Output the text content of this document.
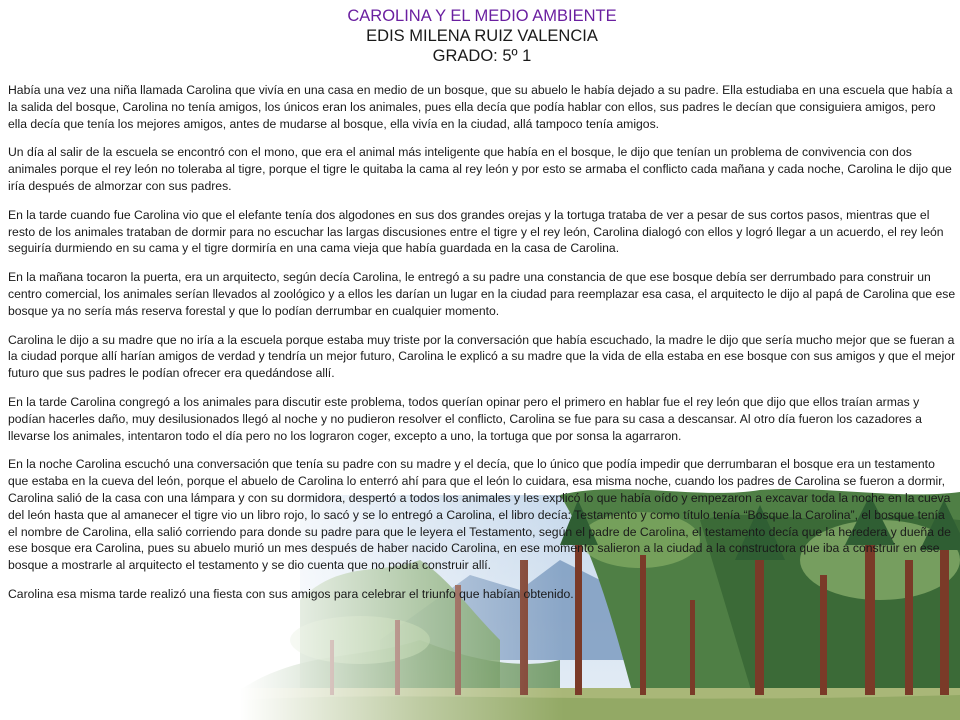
CAROLINA Y EL MEDIO AMBIENTE

EDIS MILENA RUIZ VALENCIA

GRADO: 5º 1

Había una vez una niña llamada Carolina que vivía en una casa en medio de un bosque, que su abuelo le había dejado a su padre. Ella estudiaba en una escuela que había a la salida del bosque, Carolina no tenía amigos, los únicos eran los animales, pues ella decía que podía hablar con ellos, sus padres le decían que consiguiera amigos, pero ella decía que tenía los mejores amigos, antes de mudarse al bosque, ella vivía en la ciudad, allá tampoco tenía amigos.

Un día al salir de la escuela se encontró con el mono, que era el animal más inteligente que había en el bosque, le dijo que tenían un problema de convivencia con dos animales porque el rey león no toleraba al tigre, porque el tigre le quitaba la cama al rey león y por esto se armaba el conflicto cada mañana y cada noche, Carolina le dijo que iría después de almorzar con sus padres.

En la tarde cuando fue Carolina vio que el elefante tenía dos algodones en sus dos grandes orejas y la tortuga trataba de ver a pesar de sus cortos pasos, mientras que el resto de los animales trataban de dormir para no escuchar las largas discusiones entre el tigre y el rey león, Carolina dialogó con ellos y logró llegar a un acuerdo, el rey león seguiría durmiendo en su cama y el tigre dormiría en una cama vieja que había guardada en la casa de Carolina.

En la mañana tocaron la puerta, era un arquitecto, según decía Carolina, le entregó a su padre una constancia de que ese bosque debía ser derrumbado para construir un centro comercial, los animales serían llevados al zoológico y a ellos les darían un lugar en la ciudad para reemplazar esa casa, el arquitecto le dijo al papá de Carolina que ese bosque ya no sería más reserva forestal y que lo podían derrumbar en cualquier momento.

Carolina le dijo a su madre que no iría a la escuela porque estaba muy triste por la conversación que había escuchado, la madre le dijo que sería mucho mejor que se fueran a la ciudad porque allí harían amigos de verdad y tendría un mejor futuro, Carolina le explicó a su madre que la vida de ella estaba en ese bosque con sus amigos y que el mejor futuro que sus padres le podían ofrecer era quedándose allí.

En la tarde Carolina congregó a los animales para discutir este problema, todos querían opinar pero el primero en hablar fue el rey león que dijo que ellos traían armas y podían hacerles daño, muy desilusionados llegó al noche y no pudieron resolver el conflicto, Carolina se fue para su casa a descansar. Al otro día fueron los cazadores a llevarse los animales, intentaron todo el día pero no los lograron coger, excepto a uno, la tortuga que por sonsa la agarraron.

En la noche Carolina escuchó una conversación que tenía su padre con su madre y el decía, que lo único que podía impedir que derrumbaran el bosque era un testamento que estaba en la cueva del león, porque el abuelo de Carolina lo enterró ahí para que el león lo cuidara, esa misma noche, cuando los padres de Carolina se fueron a dormir, Carolina salió de la casa con una lámpara y con su dormidora, despertó a todos los animales y les explicó lo que había oído y empezaron a excavar toda la noche en la cueva del león hasta que al amanecer el tigre vio un libro rojo, lo sacó y se lo entregó a Carolina, el libro decía: Testamento y como título tenía “Bosque la Carolina”, el bosque tenía el nombre de Carolina, ella salió corriendo para donde su padre para que le leyera el Testamento, según el padre de Carolina, el testamento decía que la heredera y dueña de ese bosque era Carolina, pues su abuelo murió un mes después de haber nacido Carolina, en ese momento salieron a la ciudad a la constructora que iba a construir en ese bosque a mostrarle al arquitecto el testamento y se dio cuenta que no podía construir allí.

Carolina esa misma tarde realizó una fiesta con sus amigos para celebrar el triunfo que habían obtenido.
